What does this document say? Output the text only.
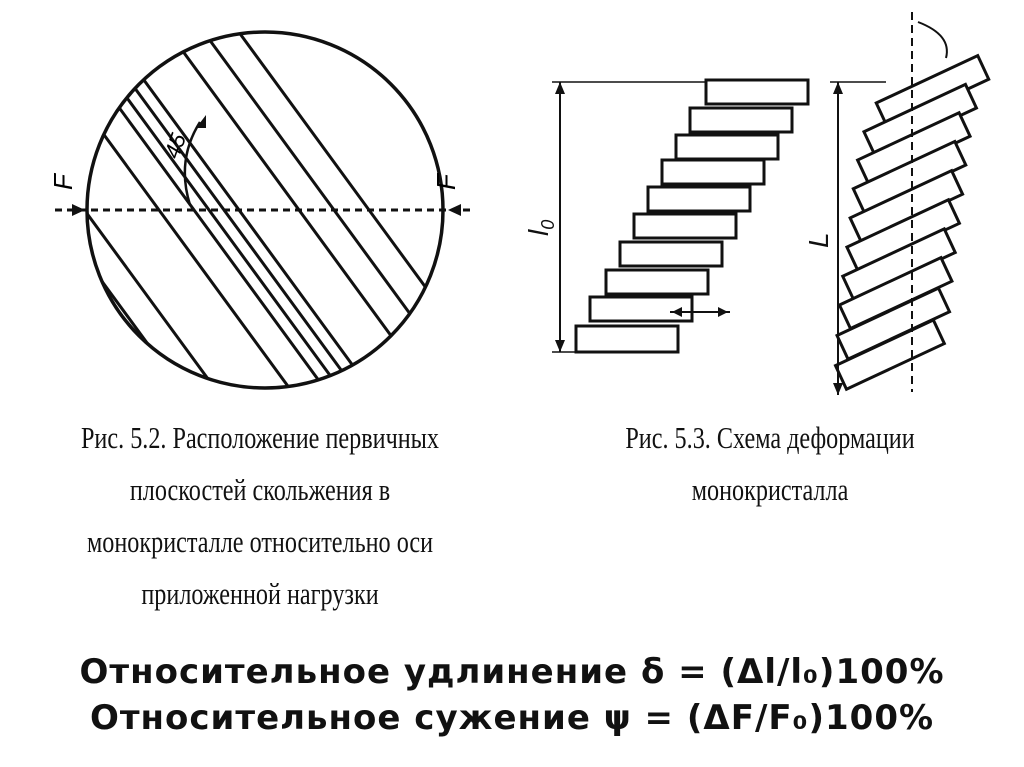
F	F
45
$l_0$
L
Рис. 5.2. Расположение первичных
плоскостей скольжения в
монокристалле относительно оси
приложенной нагрузки
Рис. 5.3. Схема деформации
монокристалла
Относительное удлинение δ = (Δl/l₀)100%
Относительное сужение ψ = (ΔF/F₀)100%
